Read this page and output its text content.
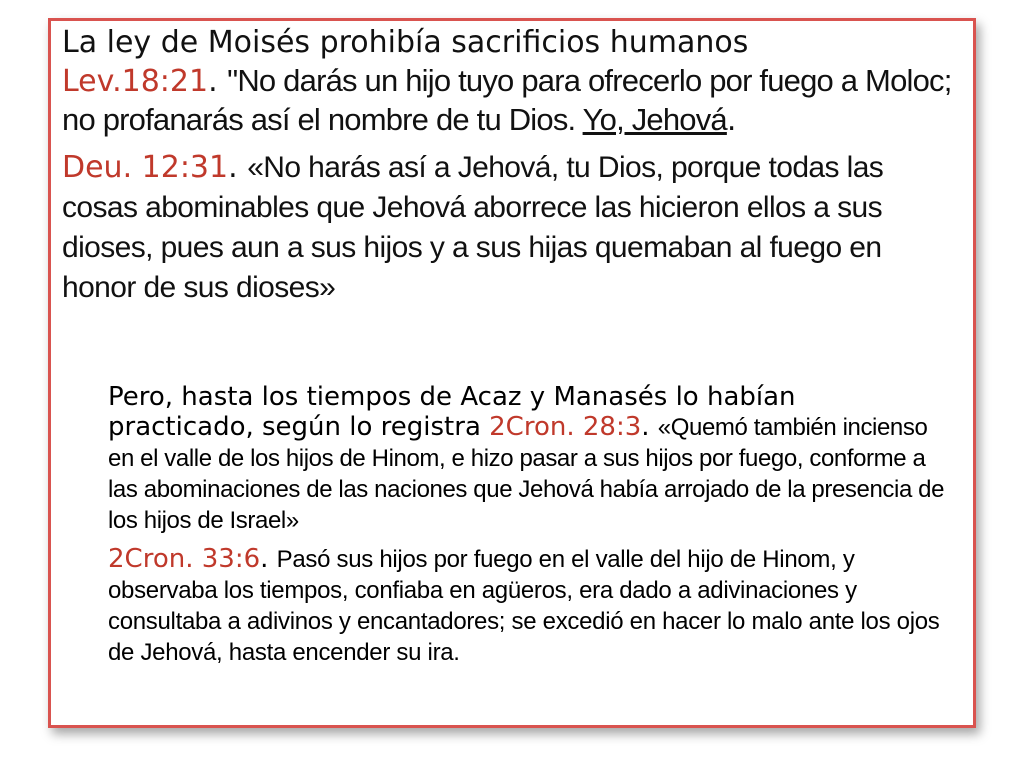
La ley de Moisés prohibía sacrificios humanos
Lev.18:21. "No darás un hijo tuyo para ofrecerlo por fuego a Moloc; no profanarás así el nombre de tu Dios. Yo, Jehová.

Deu. 12:31. «No harás así a Jehová, tu Dios, porque todas las cosas abominables que Jehová aborrece las hicieron ellos a sus dioses, pues aun a sus hijos y a sus hijas quemaban al fuego en honor de sus dioses»

Pero, hasta los tiempos de Acaz y Manasés lo habían practicado, según lo registra 2Cron. 28:3. «Quemó también incienso en el valle de los hijos de Hinom, e hizo pasar a sus hijos por fuego, conforme a las abominaciones de las naciones que Jehová había arrojado de la presencia de los hijos de Israel»

2Cron. 33:6. Pasó sus hijos por fuego en el valle del hijo de Hinom, y observaba los tiempos, confiaba en agüeros, era dado a adivinaciones y consultaba a adivinos y encantadores; se excedió en hacer lo malo ante los ojos de Jehová, hasta encender su ira.
